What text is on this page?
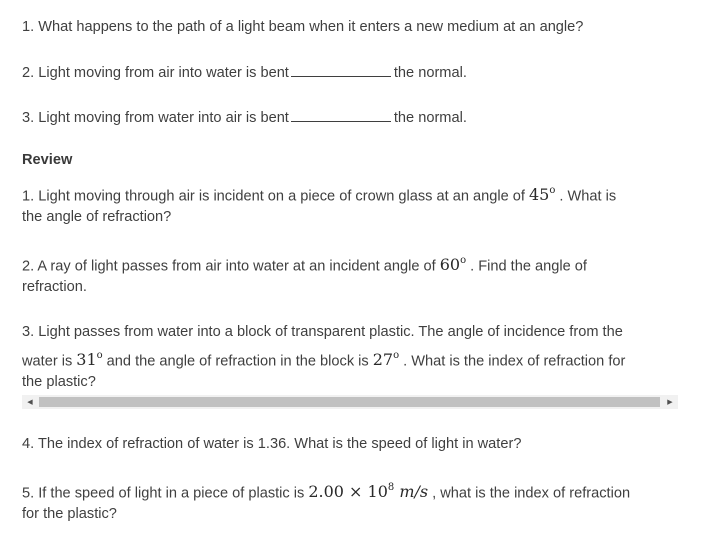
1. What happens to the path of a light beam when it enters a new medium at an angle?
2. Light moving from air into water is bent	the normal.
3. Light moving from water into air is bent	the normal.
Review
1. Light moving through air is incident on a piece of crown glass at an angle of 45$^o$ . What is
the angle of refraction?
2. A ray of light passes from air into water at an incident angle of 60$^o$ . Find the angle of
refraction.
3. Light passes from water into a block of transparent plastic. The angle of incidence from the
water is 31$^o$ and the angle of refraction in the block is 27$^o$ . What is the index of refraction for
the plastic?
◀	▶
4. The index of refraction of water is 1.36. What is the speed of light in water?
5. If the speed of light in a piece of plastic is $2.00 \times 10^8$ m/s , what is the index of refraction
for the plastic?
